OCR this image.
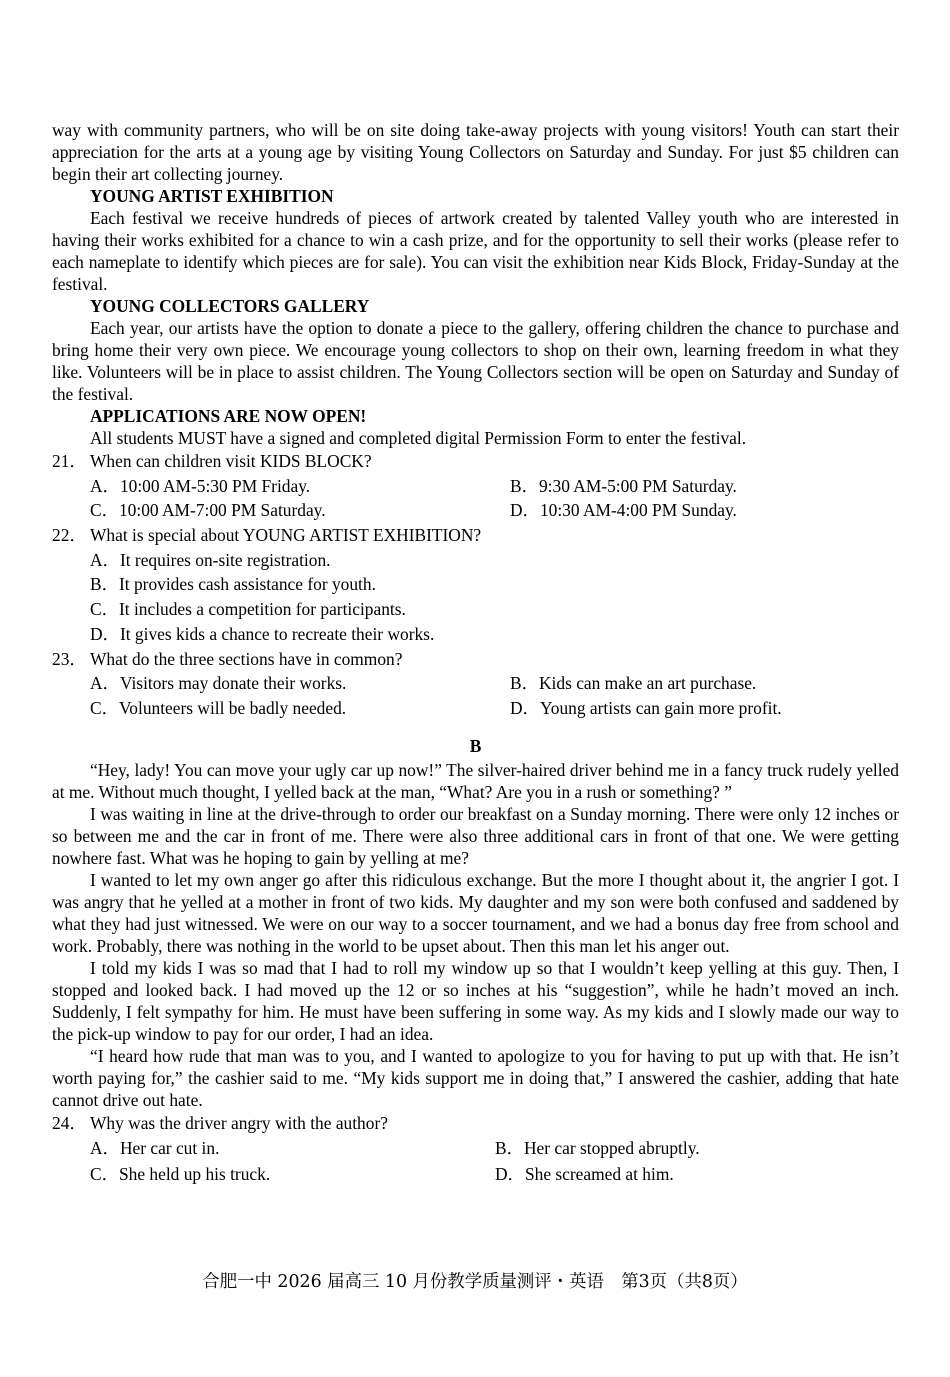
way with community partners, who will be on site doing take-away projects with young visitors! Youth can start their appreciation for the arts at a young age by visiting Young Collectors on Saturday and Sunday. For just $5 children can begin their art collecting journey.

YOUNG ARTIST EXHIBITION

Each festival we receive hundreds of pieces of artwork created by talented Valley youth who are interested in having their works exhibited for a chance to win a cash prize, and for the opportunity to sell their works (please refer to each nameplate to identify which pieces are for sale). You can visit the exhibition near Kids Block, Friday-Sunday at the festival.

YOUNG COLLECTORS GALLERY

Each year, our artists have the option to donate a piece to the gallery, offering children the chance to purchase and bring home their very own piece. We encourage young collectors to shop on their own, learning freedom in what they like. Volunteers will be in place to assist children. The Young Collectors section will be open on Saturday and Sunday of the festival.

APPLICATIONS ARE NOW OPEN!

All students MUST have a signed and completed digital Permission Form to enter the festival.

21． When can children visit KIDS BLOCK?
A．10:00 AM-5:30 PM Friday.	B．9:30 AM-5:00 PM Saturday.
C．10:00 AM-7:00 PM Saturday.	D．10:30 AM-4:00 PM Sunday.
22． What is special about YOUNG ARTIST EXHIBITION?
A．It requires on-site registration.
B．It provides cash assistance for youth.
C．It includes a competition for participants.
D．It gives kids a chance to recreate their works.
23． What do the three sections have in common?
A．Visitors may donate their works.	B．Kids can make an art purchase.
C．Volunteers will be badly needed.	D．Young artists can gain more profit.
B

“Hey, lady! You can move your ugly car up now!” The silver-haired driver behind me in a fancy truck rudely yelled at me. Without much thought, I yelled back at the man, “What? Are you in a rush or something? ”

I was waiting in line at the drive-through to order our breakfast on a Sunday morning. There were only 12 inches or so between me and the car in front of me. There were also three additional cars in front of that one. We were getting nowhere fast. What was he hoping to gain by yelling at me?

I wanted to let my own anger go after this ridiculous exchange. But the more I thought about it, the angrier I got. I was angry that he yelled at a mother in front of two kids. My daughter and my son were both confused and saddened by what they had just witnessed. We were on our way to a soccer tournament, and we had a bonus day free from school and work. Probably, there was nothing in the world to be upset about. Then this man let his anger out.

I told my kids I was so mad that I had to roll my window up so that I wouldn’t keep yelling at this guy. Then, I stopped and looked back. I had moved up the 12 or so inches at his “suggestion”, while he hadn’t moved an inch. Suddenly, I felt sympathy for him. He must have been suffering in some way. As my kids and I slowly made our way to the pick-up window to pay for our order, I had an idea.

“I heard how rude that man was to you, and I wanted to apologize to you for having to put up with that. He isn’t worth paying for,” the cashier said to me. “My kids support me in doing that,” I answered the cashier, adding that hate cannot drive out hate.

24． Why was the driver angry with the author?
A．Her car cut in.	B．Her car stopped abruptly.
C．She held up his truck.	D．She screamed at him.
合肥一中 2026 届高三 10 月份教学质量测评・英语　第3页（共8页）
